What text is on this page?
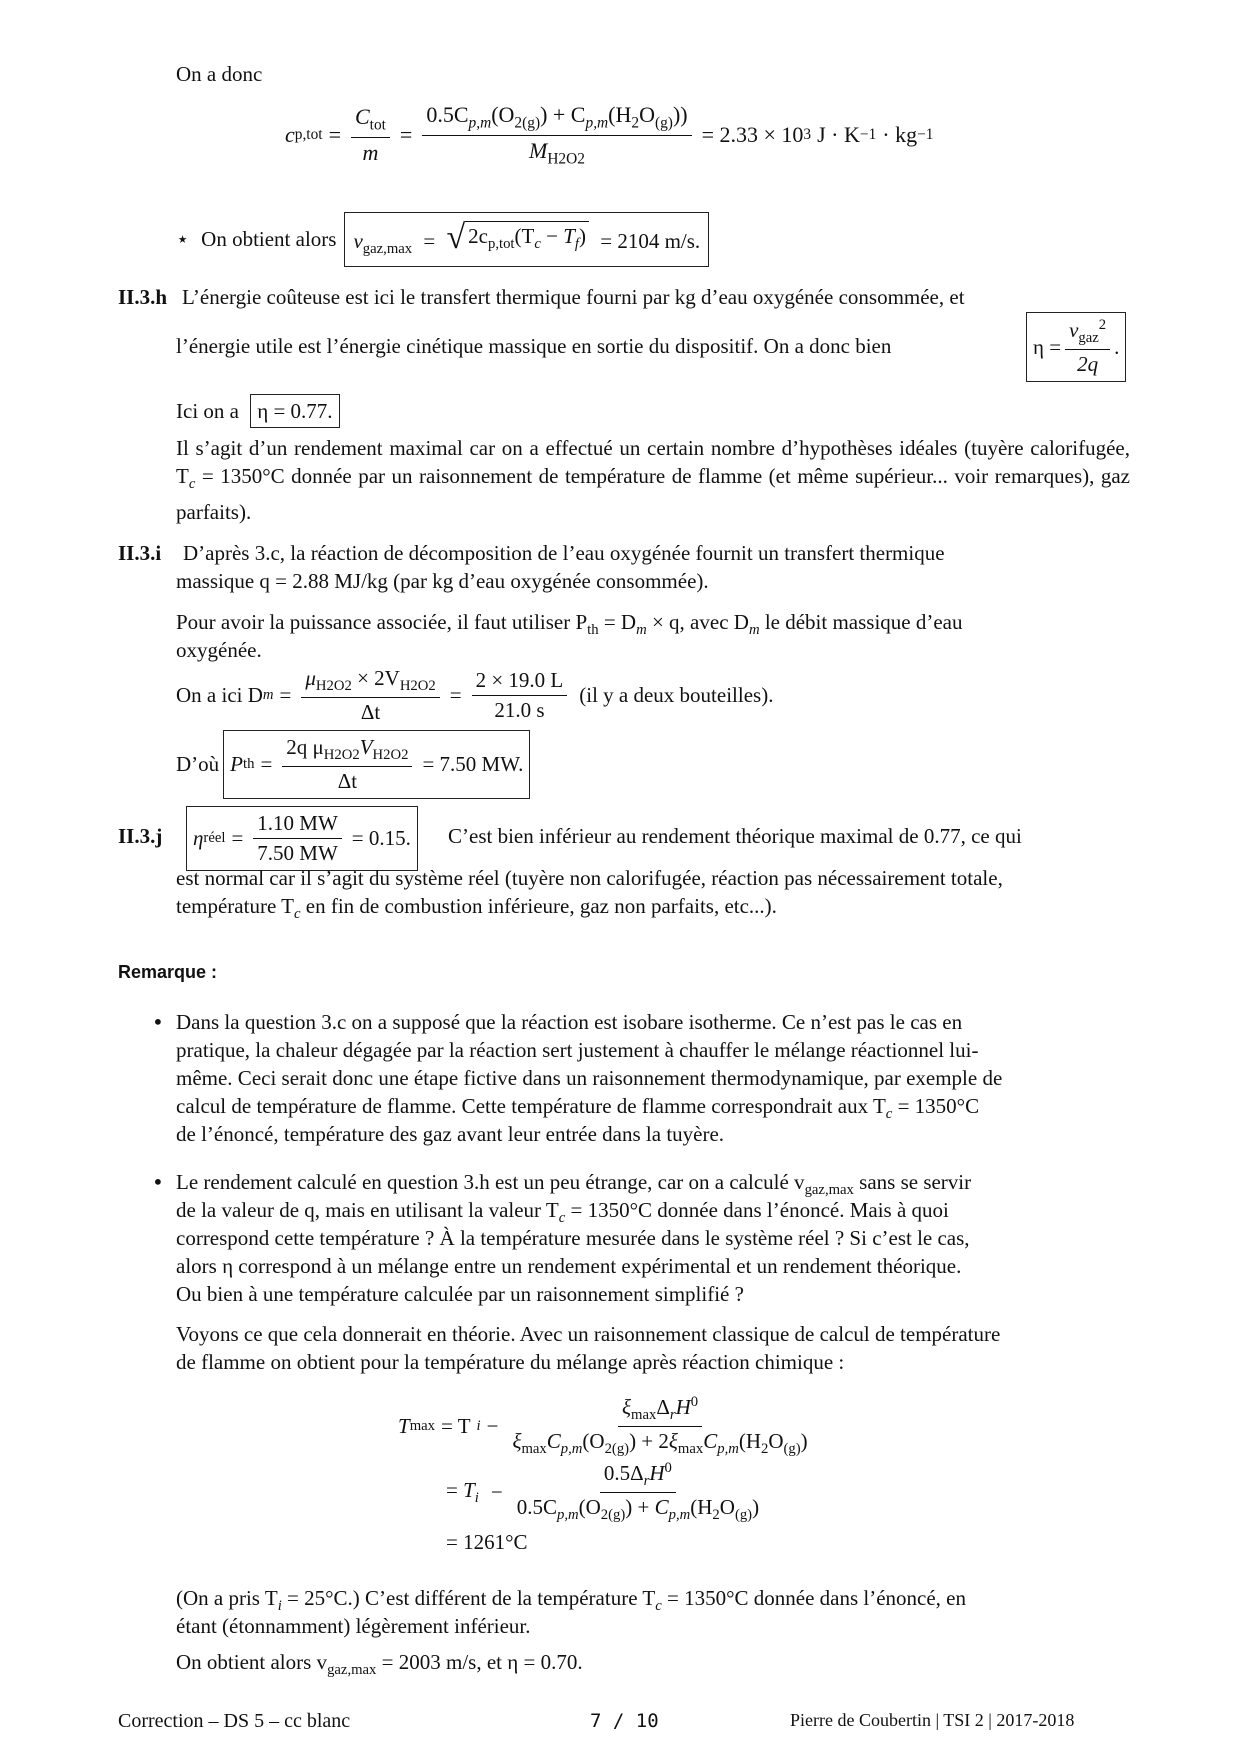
On a donc
c $p,tot = \frac{C_{tot}}{m} = \frac{0.5C_{p,m}(O_{2(g)}) + C_{p,m}(H_2O_{(g)}))}{M_{H2O2}} = 2.33 \times 10$ 3 J · K −1 · kg −1
⋆ On obtient alors $v_{gaz,max}$ = √ $2c_{p,tot}(T_c - T_f) = 2104$ m/s.
II.3.h L’énergie coûteuse est ici le transfert thermique fourni par kg d’eau oxygénée consommée, et
l’énergie utile est l’énergie cinétique massique en sortie du dispositif. On a donc bien	$\eta = \frac{v_{gaz}^2}{2q}$ .
Ici on a η = 0.77.
Il s’agit d’un rendement maximal car on a effectué un certain nombre d’hypothèses idéales (tuyère calorifugée, $T_c = 1350^\circ C$ donnée par un raisonnement de température de flamme (et même supérieur... voir remarques), gaz parfaits).
II.3.i D’après 3.c, la réaction de décomposition de l’eau oxygénée fournit un transfert thermique
massique q = 2.88 MJ/kg (par kg d’eau oxygénée consommée).
Pour avoir la puissance associée, il faut utiliser $P_{th} = D_m \times q$, avec $D_m$ le débit massique d’eau
oxygénée.
On a ici D $m = \frac{\mu_{H2O2} \times 2V_{H2O2}}{\Delta t} = \frac{2 \times 19.0 L}{21.0 s} (il$ y a deux bouteilles).
D’où P th = $\frac{2q \mu_{H2O2}V_{H2O2}}{\Delta t} = 7.50$ MW.
II.3.j η réel = $\frac{1.10 MW}{7.50 MW} = 0.15$. C’est bien inférieur au rendement théorique maximal de 0.77, ce qui
est normal car il s’agit du système réel (tuyère non calorifugée, réaction pas nécessairement totale,
température $T_c$ en fin de combustion inférieure, gaz non parfaits, etc...).
Remarque :
• Dans la question 3.c on a supposé que la réaction est isobare isotherme. Ce n’est pas le cas en
pratique, la chaleur dégagée par la réaction sert justement à chauffer le mélange réactionnel lui-
même. Ceci serait donc une étape fictive dans un raisonnement thermodynamique, par exemple de
calcul de température de flamme. Cette température de flamme correspondrait aux $T_c = 1350^\circ C$
de l’énoncé, température des gaz avant leur entrée dans la tuyère.
• Le rendement calculé en question 3.h est un peu étrange, car on a calculé $v_{gaz,max}$ sans se servir
de la valeur de q, mais en utilisant la valeur $T_c = 1350^\circ C$ donnée dans l’énoncé. Mais à quoi
correspond cette température ? À la température mesurée dans le système réel ? Si c’est le cas,
alors η correspond à un mélange entre un rendement expérimental et un rendement théorique.
Ou bien à une température calculée par un raisonnement simplifié ?
Voyons ce que cela donnerait en théorie. Avec un raisonnement classique de calcul de température
de flamme on obtient pour la température du mélange après réaction chimique :
T max = T $i - \frac{\xi_{max}\Delta_rH^0}{\xi_{max}C_{p,m}(O_{2(g)}) + 2\xi_{max}C_{p,m}(H_2O_{(g)})}$
= $T_i - \frac{0.5\Delta_rH^0}{0.5C_{p,m}(O_{2(g)}) + C_{p,m}(H_2O_{(g)})}$
= 1261°C
(On a pris $T_i = 25^\circ C$.) C’est différent de la température $T_c = 1350^\circ C$ donnée dans l’énoncé, en
étant (étonnamment) légèrement inférieur.
On obtient alors $v_{gaz,max} = 2003$ m/s, et η = 0.70.
Correction – DS 5 – cc blanc	7 / 10	Pierre de Coubertin | TSI 2 | 2017-2018
